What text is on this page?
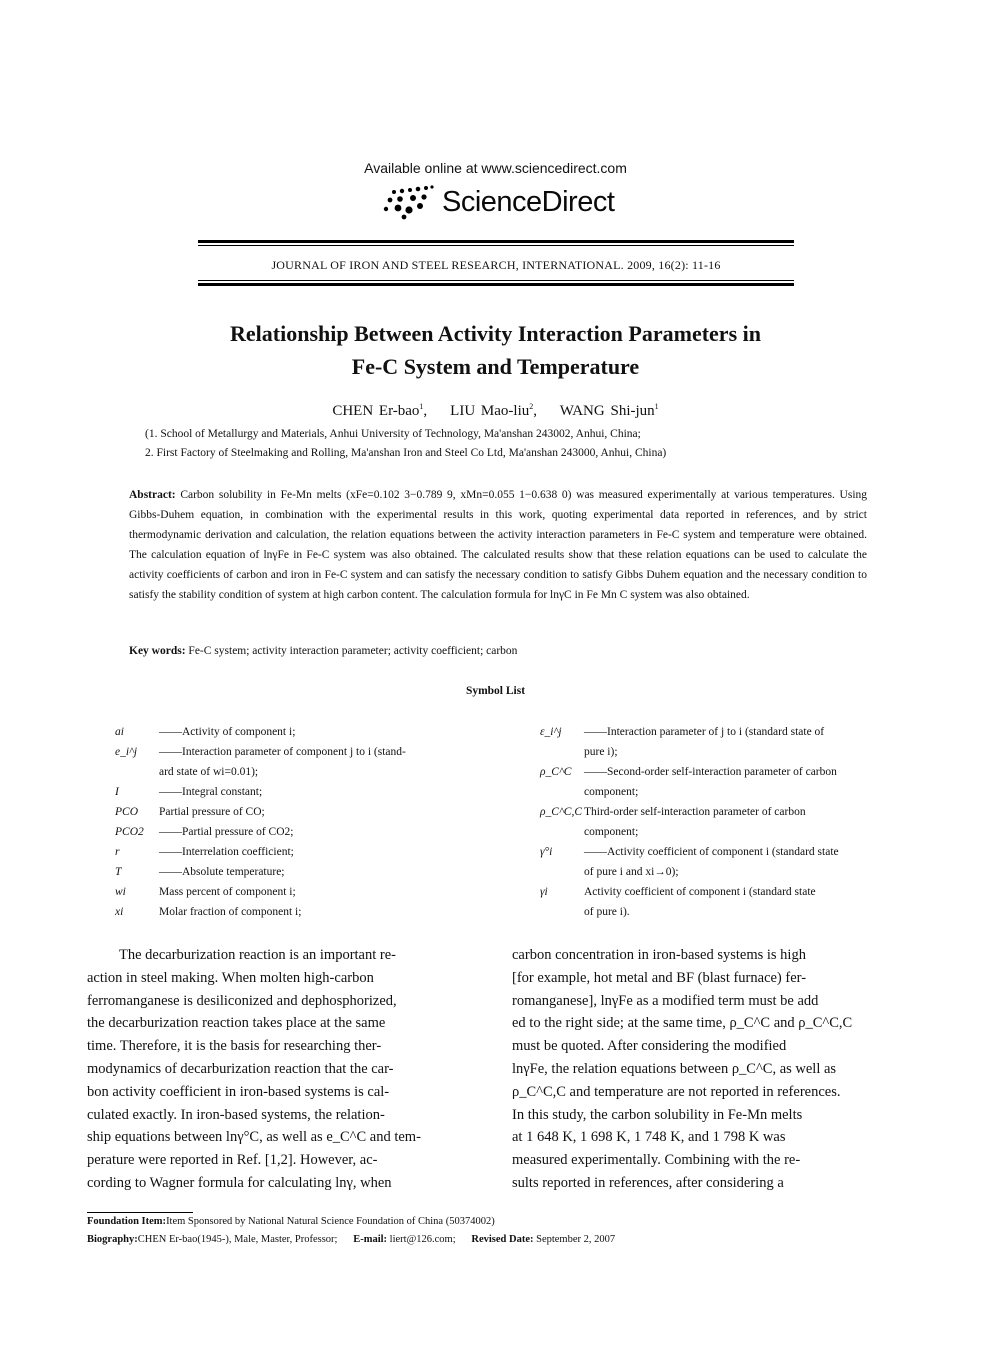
Available online at www.sciencedirect.com
ScienceDirect
JOURNAL OF IRON AND STEEL RESEARCH, INTERNATIONAL. 2009, 16(2): 11-16
Relationship Between Activity Interaction Parameters in
Fe-C System and Temperature
CHEN Er-bao$^1$,    LIU Mao-liu$^2$,    WANG Shi-jun$^1$
(1. School of Metallurgy and Materials, Anhui University of Technology, Ma'anshan 243002, Anhui, China;
2. First Factory of Steelmaking and Rolling, Ma'anshan Iron and Steel Co Ltd, Ma'anshan 243000, Anhui, China)
Abstract: Carbon solubility in Fe-Mn melts (xFe=0.102 3−0.789 9, xMn=0.055 1−0.638 0) was measured experimentally at various temperatures. Using Gibbs-Duhem equation, in combination with the experimental results in this work, quoting experimental data reported in references, and by strict thermodynamic derivation and calculation, the relation equations between the activity interaction parameters in Fe-C system and temperature were obtained. The calculation equation of lnγFe in Fe-C system was also obtained. The calculated results show that these relation equations can be used to calculate the activity coefficients of carbon and iron in Fe-C system and can satisfy the necessary condition to satisfy Gibbs Duhem equation and the necessary condition to satisfy the stability condition of system at high carbon content. The calculation formula for lnγC in Fe Mn C system was also obtained.
Key words: Fe-C system; activity interaction parameter; activity coefficient; carbon
Symbol List
ai	——Activity of component i;
e_i^j ——Interaction parameter of component j to i (stand-
ard state of wi=0.01);
I	——Integral constant;
PCO Partial pressure of CO;
PCO2 ——Partial pressure of CO2;
r	——Interrelation coefficient;
T	——Absolute temperature;
wi	Mass percent of component i;
xi	Molar fraction of component i;
ε_i^j ——Interaction parameter of j to i (standard state of
pure i);
ρ_C^C ——Second-order self-interaction parameter of carbon
component;
ρ_C^C,C Third-order self-interaction parameter of carbon
component;
γ°i	——Activity coefficient of component i (standard state
of pure i and xi→0);
γi	Activity coefficient of component i (standard state
of pure i).
The decarburization reaction is an important re-
action in steel making. When molten high-carbon
ferromanganese is desiliconized and dephosphorized,
the decarburization reaction takes place at the same
time. Therefore, it is the basis for researching ther-
modynamics of decarburization reaction that the car-
bon activity coefficient in iron-based systems is cal-
culated exactly. In iron-based systems, the relation-
ship equations between lnγ°C, as well as e_C^C and tem-
perature were reported in Ref. [1,2]. However, ac-
cording to Wagner formula for calculating lnγ, when
carbon concentration in iron-based systems is high
[for example, hot metal and BF (blast furnace) fer-
romanganese], lnγFe as a modified term must be add
ed to the right side; at the same time, ρ_C^C and ρ_C^C,C
must be quoted. After considering the modified
lnγFe, the relation equations between ρ_C^C, as well as
ρ_C^C,C and temperature are not reported in references.
In this study, the carbon solubility in Fe-Mn melts
at 1 648 K, 1 698 K, 1 748 K, and 1 798 K was
measured experimentally. Combining with the re-
sults reported in references, after considering a
Foundation Item:Item Sponsored by National Natural Science Foundation of China (50374002)
Biography:CHEN Er-bao(1945-), Male, Master, Professor; E-mail: liert@126.com; Revised Date: September 2, 2007
